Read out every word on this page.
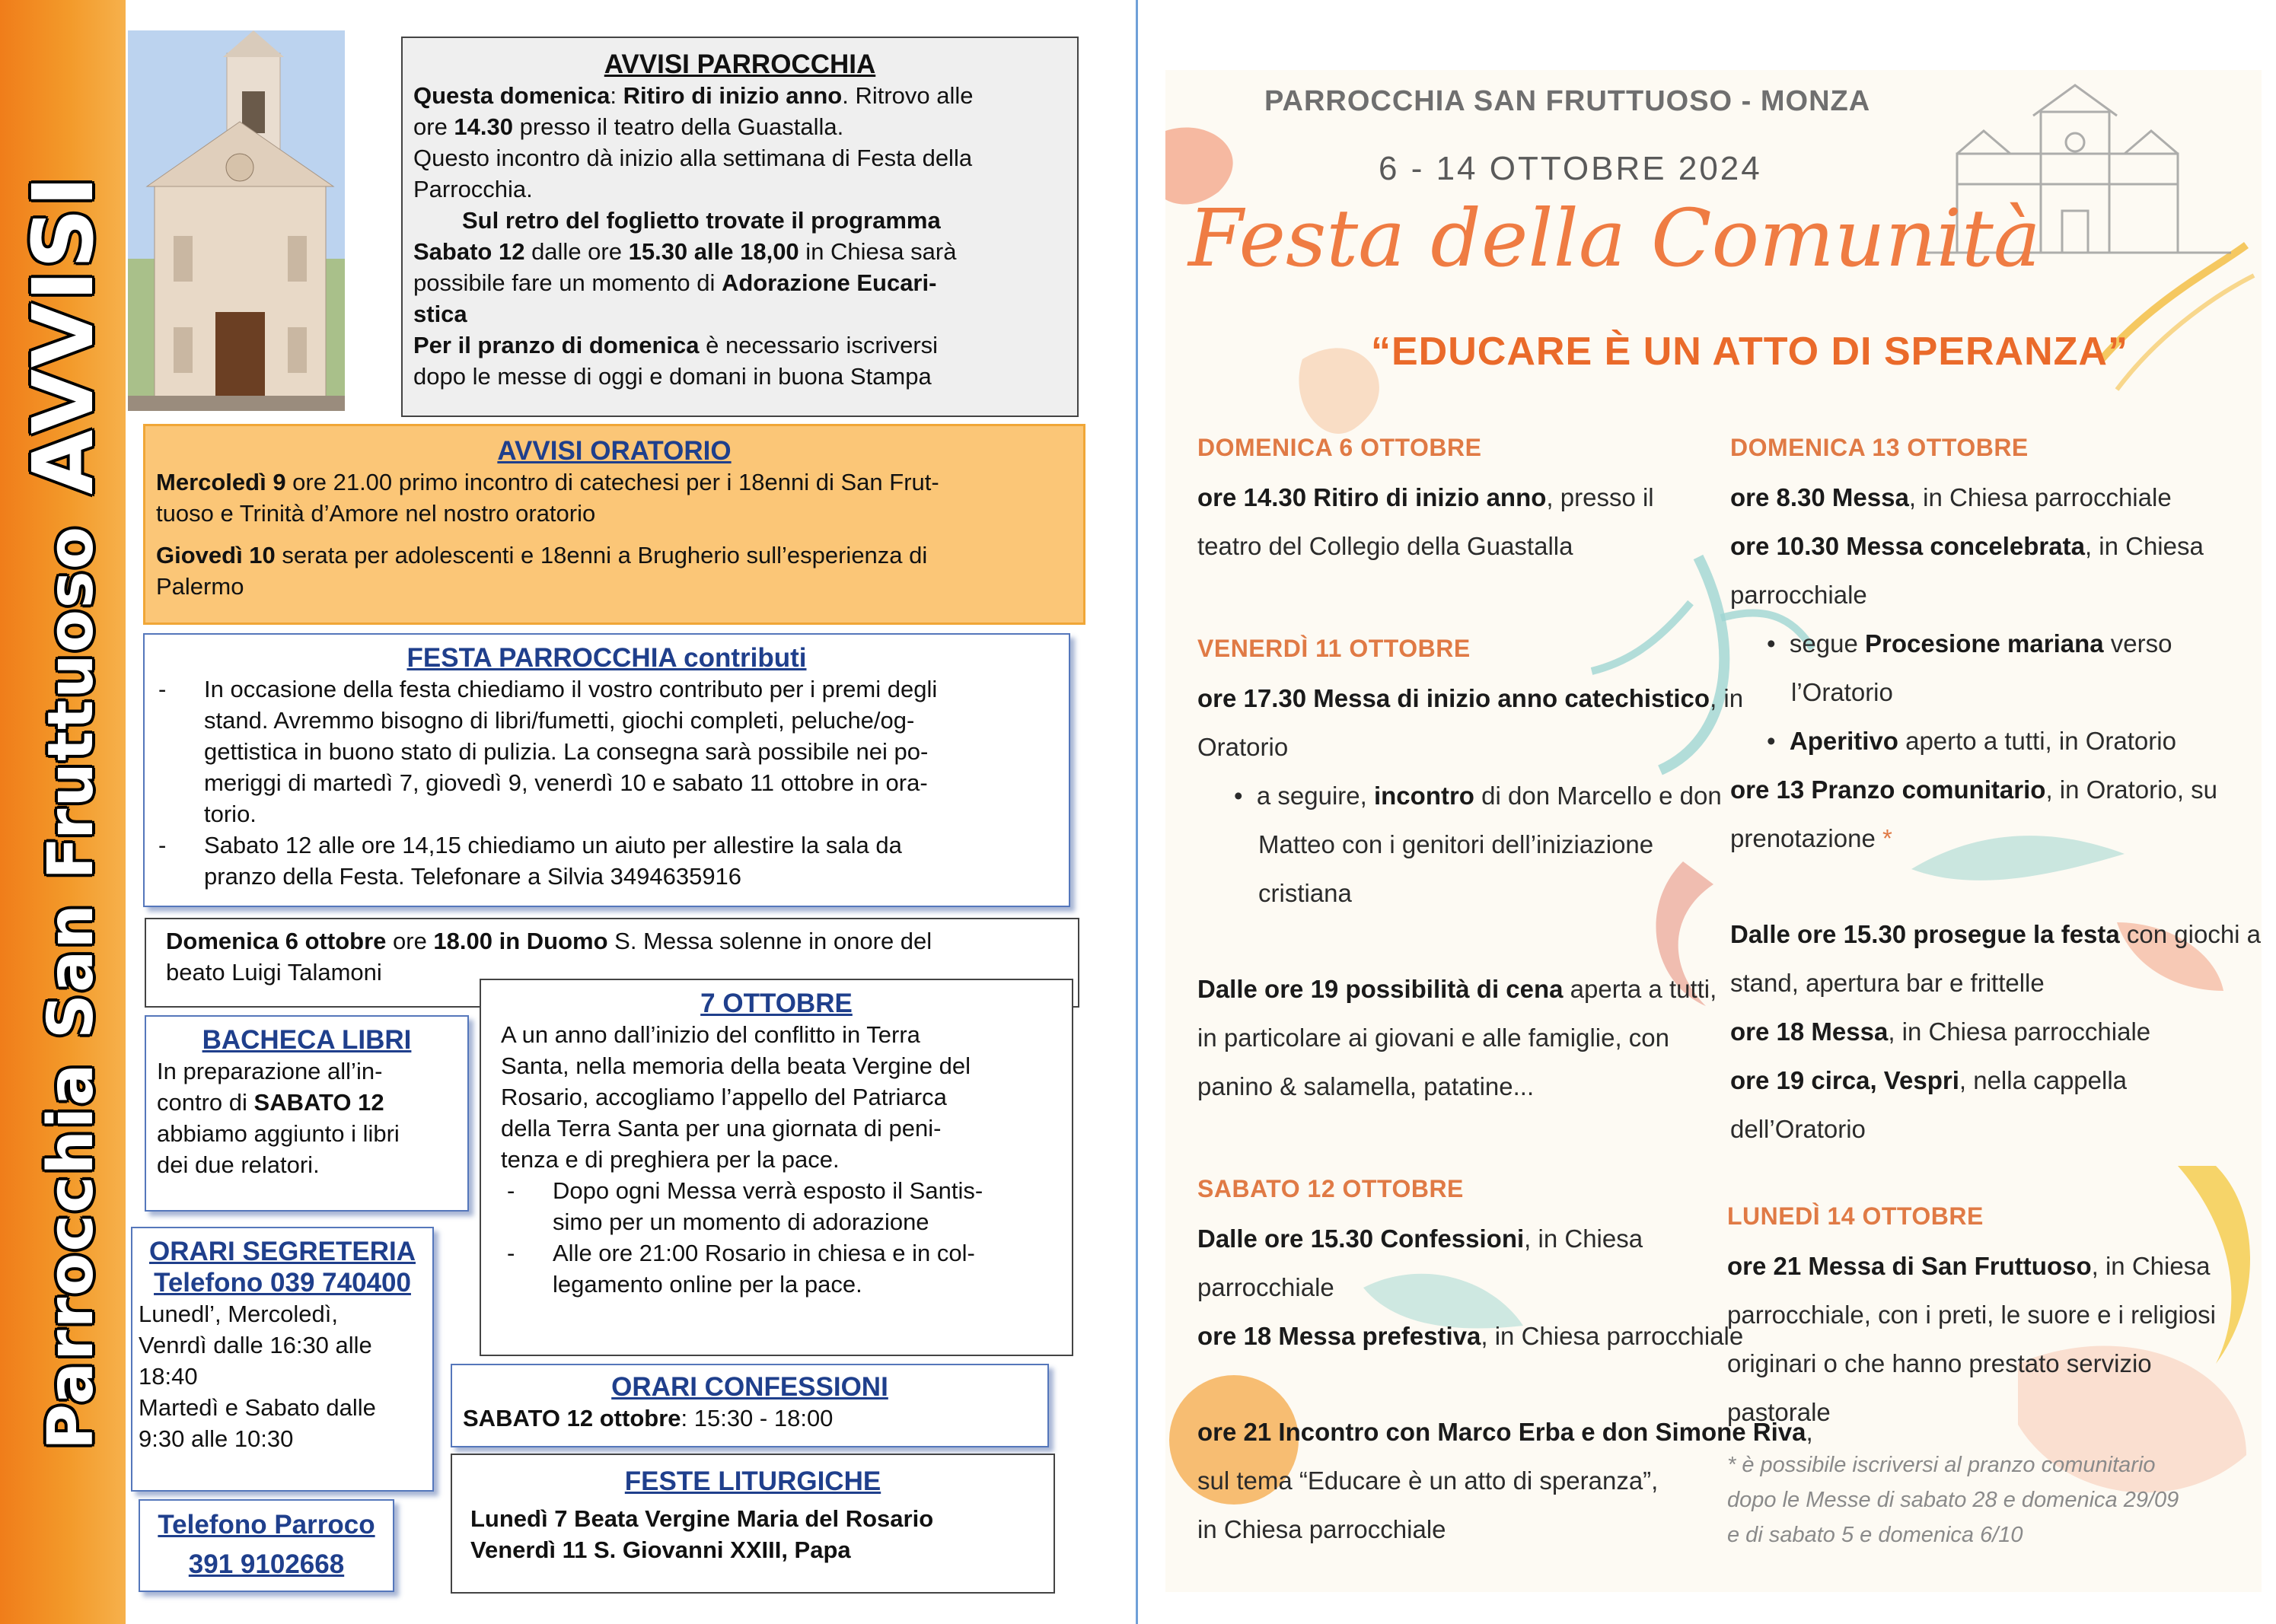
Parrocchia San FruttuosoAVVISI
AVVISI PARROCCHIA
Questa domenica: Ritiro di inizio anno. Ritrovo alle
ore 14.30 presso il teatro della Guastalla.
Questo incontro dà inizio alla settimana di Festa della
Parrocchia.
Sul retro del foglietto trovate il programma
Sabato 12 dalle ore 15.30 alle 18,00 in Chiesa sarà
possibile fare un momento di Adorazione Eucari-
stica
Per il pranzo di domenica è necessario iscriversi
dopo le messe di oggi e domani in buona Stampa
AVVISI ORATORIO
Mercoledì 9 ore 21.00 primo incontro di catechesi per i 18enni di San Frut-
tuoso e Trinità d’Amore nel nostro oratorio
Giovedì 10 serata per adolescenti e 18enni a Brugherio sull’esperienza di
Palermo
FESTA PARROCCHIA contributi
- In occasione della festa chiediamo il vostro contributo per i premi degli
stand. Avremmo bisogno di libri/fumetti, giochi completi, peluche/og-
gettistica in buono stato di pulizia. La consegna sarà possibile nei po-
meriggi di martedì 7, giovedì 9, venerdì 10 e sabato 11 ottobre in ora-
torio.
- Sabato 12 alle ore 14,15 chiediamo un aiuto per allestire la sala da
pranzo della Festa. Telefonare a Silvia 3494635916
Domenica 6 ottobre ore 18.00 in Duomo S. Messa solenne in onore del
beato Luigi Talamoni
7 OTTOBRE
A un anno dall’inizio del conflitto in Terra
Santa, nella memoria della beata Vergine del
Rosario, accogliamo l’appello del Patriarca
della Terra Santa per una giornata di peni-
tenza e di preghiera per la pace.
- Dopo ogni Messa verrà esposto il Santis-
simo per un momento di adorazione
- Alle ore 21:00 Rosario in chiesa e in col-
legamento online per la pace.
BACHECA LIBRI
In preparazione all’in-
contro di SABATO 12
abbiamo aggiunto i libri
dei due relatori.
ORARI SEGRETERIA
Telefono 039 740400
Lunedl’, Mercoledì,
Venrdì dalle 16:30 alle
18:40
Martedì e Sabato dalle
9:30 alle 10:30
Telefono Parroco
391 9102668
ORARI CONFESSIONI
SABATO 12 ottobre: 15:30 - 18:00
FESTE LITURGICHE
Lunedì 7 Beata Vergine Maria del Rosario
Venerdì 11 S. Giovanni XXIII, Papa
PARROCCHIA SAN FRUTTUOSO - MONZA
6 - 14 OTTOBRE 2024
Festa della Comunità
“EDUCARE È UN ATTO DI SPERANZA”
DOMENICA 6 OTTOBRE
ore 14.30 Ritiro di inizio anno, presso il
teatro del Collegio della Guastalla
VENERDÌ 11 OTTOBRE
ore 17.30 Messa di inizio anno catechistico, in
Oratorio
•  a seguire, incontro di don Marcello e don
Matteo con i genitori dell’iniziazione
cristiana
Dalle ore 19 possibilità di cena aperta a tutti,
in particolare ai giovani e alle famiglie, con
panino & salamella, patatine...
SABATO 12 OTTOBRE
Dalle ore 15.30 Confessioni, in Chiesa
parrocchiale
ore 18 Messa prefestiva, in Chiesa parrocchiale
ore 21 Incontro con Marco Erba e don Simone Riva,
sul tema “Educare è un atto di speranza”,
in Chiesa parrocchiale
DOMENICA 13 OTTOBRE
ore 8.30 Messa, in Chiesa parrocchiale
ore 10.30 Messa concelebrata, in Chiesa
parrocchiale
•  segue Procesione mariana verso
l’Oratorio
•  Aperitivo aperto a tutti, in Oratorio
ore 13 Pranzo comunitario, in Oratorio, su
prenotazione *
Dalle ore 15.30 prosegue la festa con giochi a
stand, apertura bar e frittelle
ore 18 Messa, in Chiesa parrocchiale
ore 19 circa, Vespri, nella cappella
dell’Oratorio
LUNEDÌ 14 OTTOBRE
ore 21 Messa di San Fruttuoso, in Chiesa
parrocchiale, con i preti, le suore e i religiosi
originari o che hanno prestato servizio
pastorale
* è possibile iscriversi al pranzo comunitario
dopo le Messe di sabato 28 e domenica 29/09
e di sabato 5 e domenica 6/10
